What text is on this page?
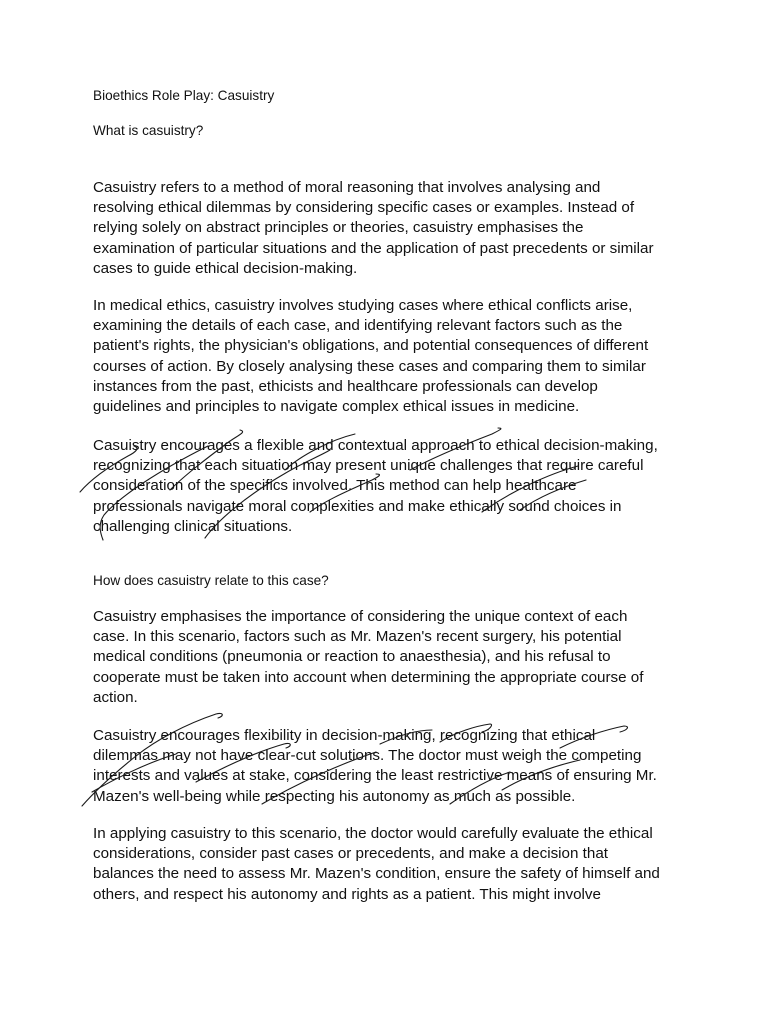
Bioethics Role Play: Casuistry

What is casuistry?

Casuistry refers to a method of moral reasoning that involves analysing and
resolving ethical dilemmas by considering specific cases or examples. Instead of
relying solely on abstract principles or theories, casuistry emphasises the
examination of particular situations and the application of past precedents or similar
cases to guide ethical decision-making.
In medical ethics, casuistry involves studying cases where ethical conflicts arise,
examining the details of each case, and identifying relevant factors such as the
patient's rights, the physician's obligations, and potential consequences of different
courses of action. By closely analysing these cases and comparing them to similar
instances from the past, ethicists and healthcare professionals can develop
guidelines and principles to navigate complex ethical issues in medicine.
Casuistry encourages a flexible and contextual approach to ethical decision-making,
recognizing that each situation may present unique challenges that require careful
consideration of the specifics involved. This method can help healthcare
professionals navigate moral complexities and make ethically sound choices in
challenging clinical situations.

How does casuistry relate to this case?

Casuistry emphasises the importance of considering the unique context of each
case. In this scenario, factors such as Mr. Mazen's recent surgery, his potential
medical conditions (pneumonia or reaction to anaesthesia), and his refusal to
cooperate must be taken into account when determining the appropriate course of
action.
Casuistry encourages flexibility in decision-making, recognizing that ethical
dilemmas may not have clear-cut solutions. The doctor must weigh the competing
interests and values at stake, considering the least restrictive means of ensuring Mr.
Mazen's well-being while respecting his autonomy as much as possible.
In applying casuistry to this scenario, the doctor would carefully evaluate the ethical
considerations, consider past cases or precedents, and make a decision that
balances the need to assess Mr. Mazen's condition, ensure the safety of himself and
others, and respect his autonomy and rights as a patient. This might involve
